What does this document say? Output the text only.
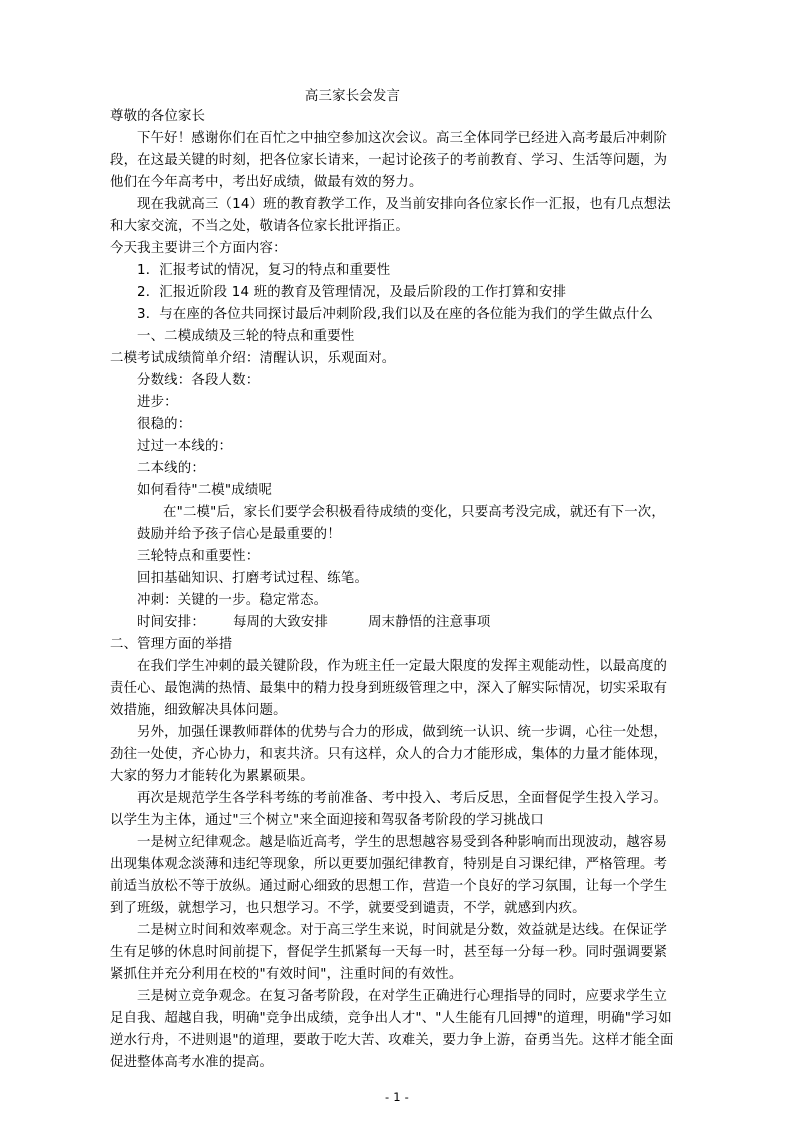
高三家长会发言
尊敬的各位家长
下午好！感谢你们在百忙之中抽空参加这次会议。高三全体同学已经进入高考最后冲刺阶
段，在这最关键的时刻，把各位家长请来，一起讨论孩子的考前教育、学习、生活等问题，为
他们在今年高考中，考出好成绩，做最有效的努力。
现在我就高三（14）班的教育教学工作，及当前安排向各位家长作一汇报，也有几点想法
和大家交流，不当之处，敬请各位家长批评指正。
今天我主要讲三个方面内容：
1．汇报考试的情况，复习的特点和重要性
2．汇报近阶段 14 班的教育及管理情况，及最后阶段的工作打算和安排
3．与在座的各位共同探讨最后冲刺阶段,我们以及在座的各位能为我们的学生做点什么
一、二模成绩及三轮的特点和重要性
二模考试成绩简单介绍：清醒认识，乐观面对。
分数线：各段人数：
进步：
很稳的：
过过一本线的：
二本线的：
如何看待"二模"成绩呢
在"二模"后，家长们要学会积极看待成绩的变化，只要高考没完成，就还有下一次，
鼓励并给予孩子信心是最重要的！
三轮特点和重要性：
回扣基础知识、打磨考试过程、练笔。
冲刺：关键的一步。稳定常态。
时间安排： 每周的大致安排	周末静悟的注意事项
二、管理方面的举措
在我们学生冲刺的最关键阶段，作为班主任一定最大限度的发挥主观能动性，以最高度的
责任心、最饱满的热情、最集中的精力投身到班级管理之中，深入了解实际情况，切实采取有
效措施，细致解决具体问题。
另外，加强任课教师群体的优势与合力的形成，做到统一认识、统一步调，心往一处想，
劲往一处使，齐心协力，和衷共济。只有这样，众人的合力才能形成，集体的力量才能体现，
大家的努力才能转化为累累硕果。
再次是规范学生各学科考练的考前准备、考中投入、考后反思，全面督促学生投入学习。
以学生为主体，通过"三个树立"来全面迎接和驾驭备考阶段的学习挑战口
一是树立纪律观念。越是临近高考，学生的思想越容易受到各种影响而出现波动，越容易
出现集体观念淡薄和违纪等现象，所以更要加强纪律教育，特别是自习课纪律，严格管理。考
前适当放松不等于放纵。通过耐心细致的思想工作，营造一个良好的学习氛围，让每一个学生
到了班级，就想学习，也只想学习。不学，就要受到谴责，不学，就感到内疚。
二是树立时间和效率观念。对于高三学生来说，时间就是分数，效益就是达线。在保证学
生有足够的休息时间前提下，督促学生抓紧每一天每一时，甚至每一分每一秒。同时强调要紧
紧抓住并充分利用在校的"有效时间"，注重时间的有效性。
三是树立竞争观念。在复习备考阶段，在对学生正确进行心理指导的同时，应要求学生立
足自我、超越自我，明确"竞争出成绩，竞争出人才"、"人生能有几回搏"的道理，明确"学习如
逆水行舟，不进则退"的道理，要敢于吃大苦、攻难关，要力争上游，奋勇当先。这样才能全面
促进整体高考水准的提高。
- 1 -
